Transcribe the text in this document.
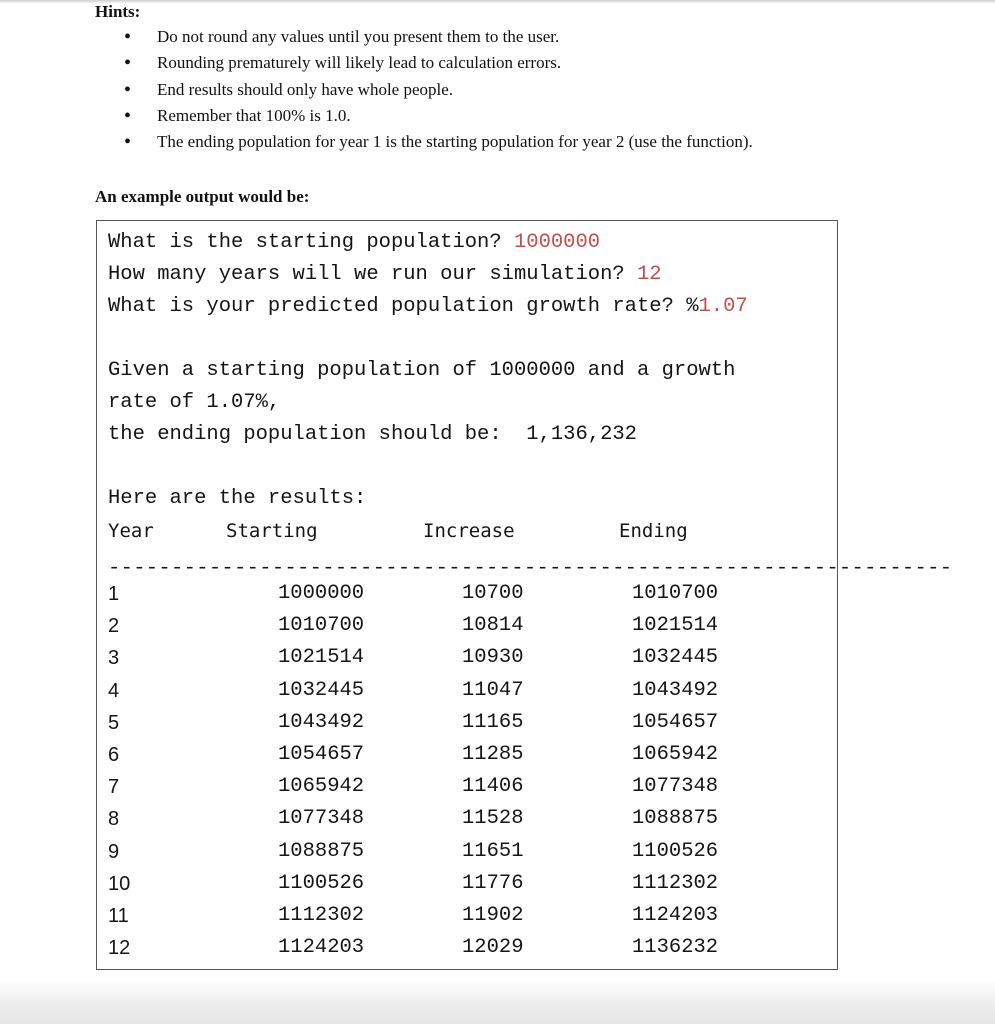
Hints:
• Do not round any values until you present them to the user.
• Rounding prematurely will likely lead to calculation errors.
• End results should only have whole people.
• Remember that 100% is 1.0.
• The ending population for year 1 is the starting population for year 2 (use the function).
An example output would be:
What is the starting population? 1000000
How many years will we run our simulation? 12
What is your predicted population growth rate? %1.07
Given a starting population of 1000000 and a growth
rate of 1.07%,
the ending population should be:  1,136,232
Here are the results:
Year	Starting	Increase	Ending
-------------------------------------------------------------------
1	1000000	10700	1010700
2	1010700	10814	1021514
3	1021514	10930	1032445
4	1032445	11047	1043492
5	1043492	11165	1054657
6	1054657	11285	1065942
7	1065942	11406	1077348
8	1077348	11528	1088875
9	1088875	11651	1100526
10	1100526	11776	1112302
11	1112302	11902	1124203
12	1124203	12029	1136232
